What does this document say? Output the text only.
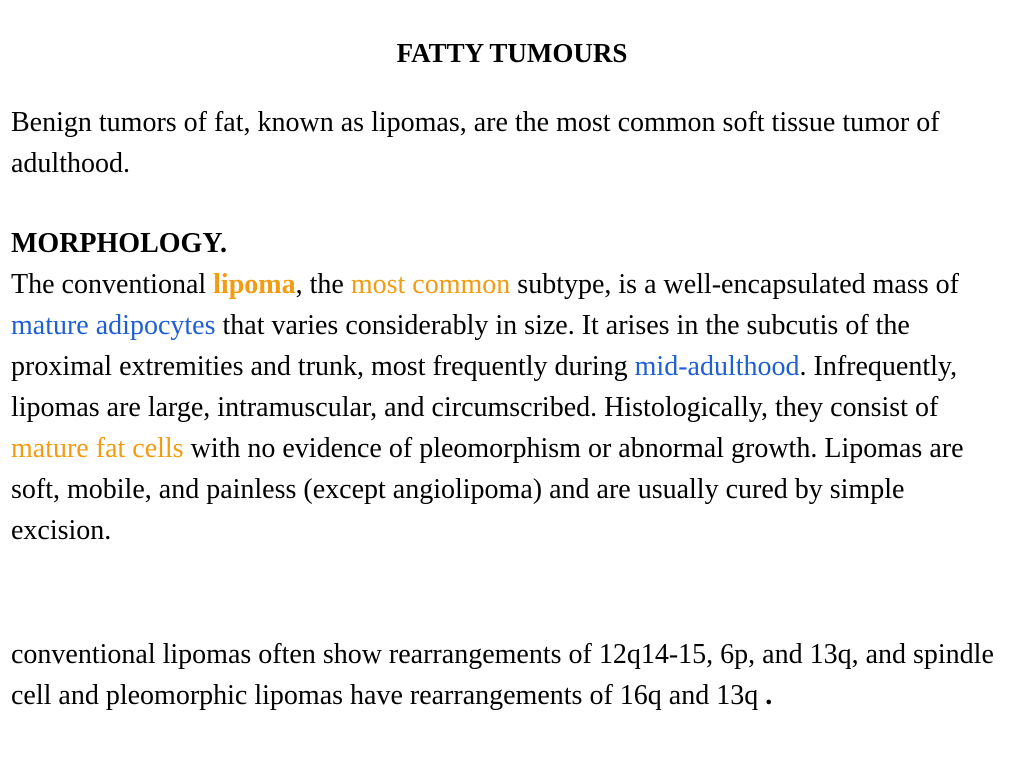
FATTY TUMOURS

Benign tumors of fat, known as lipomas, are the most common soft tissue tumor of adulthood.

MORPHOLOGY.

The conventional lipoma, the most common subtype, is a well-encapsulated mass of mature adipocytes that varies considerably in size. It arises in the subcutis of the proximal extremities and trunk, most frequently during mid-adulthood. Infrequently, lipomas are large, intramuscular, and circumscribed. Histologically, they consist of mature fat cells with no evidence of pleomorphism or abnormal growth. Lipomas are soft, mobile, and painless (except angiolipoma) and are usually cured by simple excision.

conventional lipomas often show rearrangements of 12q14-15, 6p, and 13q, and spindle cell and pleomorphic lipomas have rearrangements of 16q and 13q .
